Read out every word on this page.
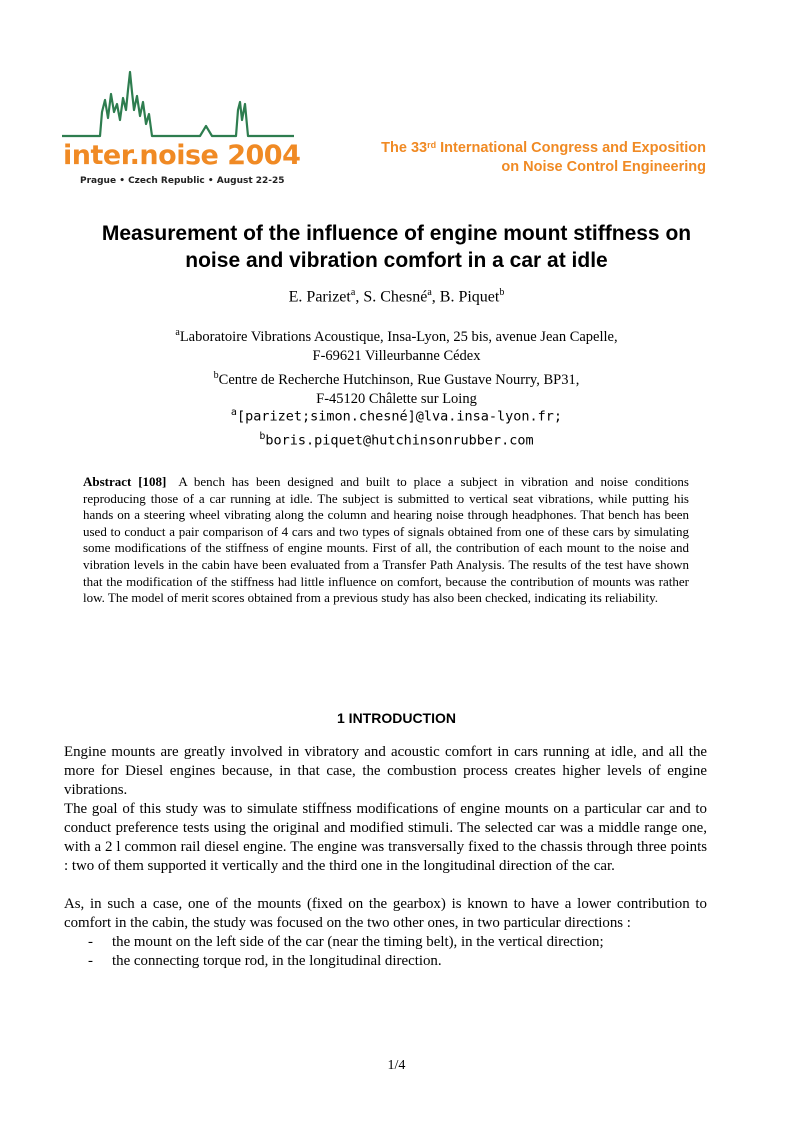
inter.noise 2004
Prague • Czech Republic • August 22-25
The 33rd International Congress and Exposition
on Noise Control Engineering
Measurement of the influence of engine mount stiffness on
noise and vibration comfort in a car at idle
E. Parizet$^a$, S. Chesné$^a$, B. Piquet$^b$
$^a$Laboratoire Vibrations Acoustique, Insa-Lyon, 25 bis, avenue Jean Capelle,
F-69621 Villeurbanne Cédex
$^b$Centre de Recherche Hutchinson, Rue Gustave Nourry, BP31,
F-45120 Châlette sur Loing
$^a$[parizet;simon.chesné]@lva.insa-lyon.fr;
$^b$boris.piquet@hutchinsonrubber.com
Abstract [108] A bench has been designed and built to place a subject in vibration and noise conditions reproducing those of a car running at idle. The subject is submitted to vertical seat vibrations, while putting his hands on a steering wheel vibrating along the column and hearing noise through headphones. That bench has been used to conduct a pair comparison of 4 cars and two types of signals obtained from one of these cars by simulating some modifications of the stiffness of engine mounts. First of all, the contribution of each mount to the noise and vibration levels in the cabin have been evaluated from a Transfer Path Analysis. The results of the test have shown that the modification of the stiffness had little influence on comfort, because the contribution of mounts was rather low. The model of merit scores obtained from a previous study has also been checked, indicating its reliability.
1 INTRODUCTION

Engine mounts are greatly involved in vibratory and acoustic comfort in cars running at idle, and all the more for Diesel engines because, in that case, the combustion process creates higher levels of engine vibrations.

The goal of this study was to simulate stiffness modifications of engine mounts on a particular car and to conduct preference tests using the original and modified stimuli. The selected car was a middle range one, with a 2 l common rail diesel engine. The engine was transversally fixed to the chassis through three points : two of them supported it vertically and the third one in the longitudinal direction of the car.

As, in such a case, one of the mounts (fixed on the gearbox) is known to have a lower contribution to comfort in the cabin, the study was focused on the two other ones, in two particular directions :

- the mount on the left side of the car (near the timing belt), in the vertical direction;
- the connecting torque rod, in the longitudinal direction.
1/4
